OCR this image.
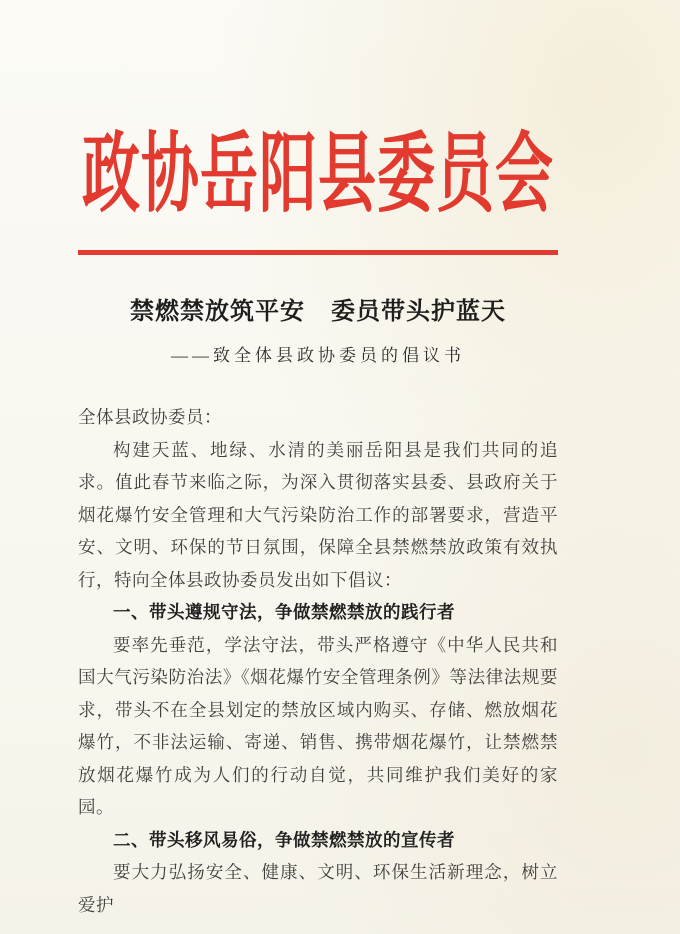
政协岳阳县委员会
禁燃禁放筑平安 委员带头护蓝天
——致全体县政协委员的倡议书

全体县政协委员：

构建天蓝、地绿、水清的美丽岳阳县是我们共同的追求。值此春节来临之际，为深入贯彻落实县委、县政府关于烟花爆竹安全管理和大气污染防治工作的部署要求，营造平安、文明、环保的节日氛围，保障全县禁燃禁放政策有效执行，特向全体县政协委员发出如下倡议：

一、带头遵规守法，争做禁燃禁放的践行者

要率先垂范，学法守法，带头严格遵守《中华人民共和国大气污染防治法》《烟花爆竹安全管理条例》等法律法规要求，带头不在全县划定的禁放区域内购买、存储、燃放烟花爆竹，不非法运输、寄递、销售、携带烟花爆竹，让禁燃禁放烟花爆竹成为人们的行动自觉，共同维护我们美好的家园。

二、带头移风易俗，争做禁燃禁放的宣传者

要大力弘扬安全、健康、文明、环保生活新理念，树立爱护
